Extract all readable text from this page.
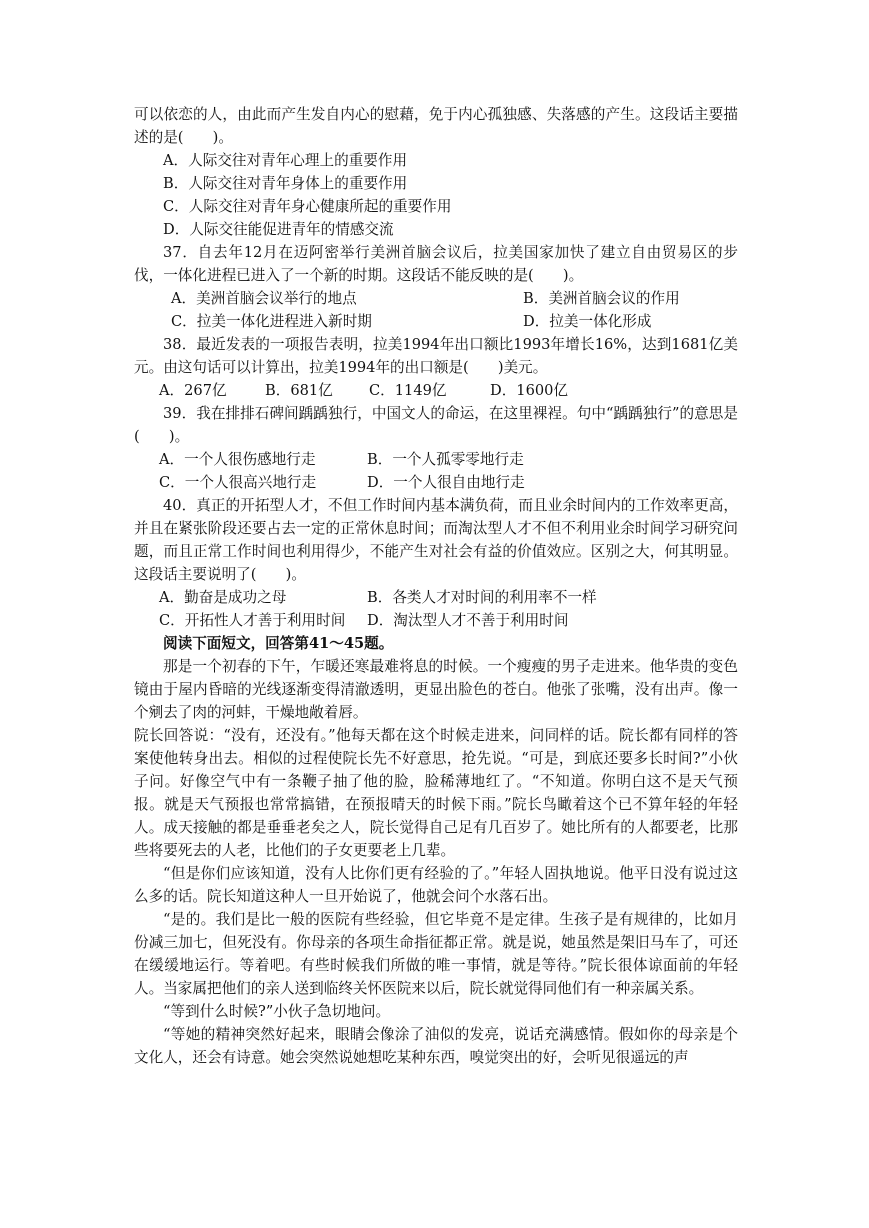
可以依恋的人，由此而产生发自内心的慰藉，免于内心孤独感、失落感的产生。这段话主要描述的是(　　)。

A．人际交往对青年心理上的重要作用

B．人际交往对青年身体上的重要作用

C．人际交往对青年身心健康所起的重要作用

D．人际交往能促进青年的情感交流

37．自去年12月在迈阿密举行美洲首脑会议后，拉美国家加快了建立自由贸易区的步伐，一体化进程已进入了一个新的时期。这段话不能反映的是(　　)。

A．美洲首脑会议举行的地点	B．美洲首脑会议的作用

C．拉美一体化进程进入新时期	D．拉美一体化形成

38．最近发表的一项报告表明，拉美1994年出口额比1993年增长16%，达到1681亿美元。由这句话可以计算出，拉美1994年的出口额是(　　)美元。

A．267亿	B．681亿 C．1149亿	D．1600亿

39．我在排排石碑间踽踽独行，中国文人的命运，在这里裸裎。句中“踽踽独行”的意思是(　　)。

A．一个人很伤感地行走	B．一个人孤零零地行走

C．一个人很高兴地行走	D．一个人很自由地行走

40．真正的开拓型人才，不但工作时间内基本满负荷，而且业余时间内的工作效率更高，并且在紧张阶段还要占去一定的正常休息时间；而淘汰型人才不但不利用业余时间学习研究问题，而且正常工作时间也利用得少，不能产生对社会有益的价值效应。区别之大，何其明显。这段话主要说明了(　　)。

A．勤奋是成功之母	B．各类人才对时间的利用率不一样

C．开拓性人才善于利用时间 D．淘汰型人才不善于利用时间

阅读下面短文，回答第41～45题。

那是一个初春的下午，乍暖还寒最难将息的时候。一个瘦瘦的男子走进来。他华贵的变色镜由于屋内昏暗的光线逐渐变得清澈透明，更显出脸色的苍白。他张了张嘴，没有出声。像一个剜去了肉的河蚌，干燥地敞着唇。

院长回答说：“没有，还没有。”他每天都在这个时候走进来，问同样的话。院长都有同样的答案使他转身出去。相似的过程使院长先不好意思，抢先说。“可是，到底还要多长时间?”小伙子问。好像空气中有一条鞭子抽了他的脸，脸稀薄地红了。“不知道。你明白这不是天气预报。就是天气预报也常常搞错，在预报晴天的时候下雨。”院长鸟瞰着这个已不算年轻的年轻人。成天接触的都是垂垂老矣之人，院长觉得自己足有几百岁了。她比所有的人都要老，比那些将要死去的人老，比他们的子女更要老上几辈。

“但是你们应该知道，没有人比你们更有经验的了。”年轻人固执地说。他平日没有说过这么多的话。院长知道这种人一旦开始说了，他就会问个水落石出。

“是的。我们是比一般的医院有些经验，但它毕竟不是定律。生孩子是有规律的，比如月份减三加七，但死没有。你母亲的各项生命指征都正常。就是说，她虽然是架旧马车了，可还在缓缓地运行。等着吧。有些时候我们所做的唯一事情，就是等待。”院长很体谅面前的年轻人。当家属把他们的亲人送到临终关怀医院来以后，院长就觉得同他们有一种亲属关系。

“等到什么时候?”小伙子急切地问。

“等她的精神突然好起来，眼睛会像涂了油似的发亮，说话充满感情。假如你的母亲是个文化人，还会有诗意。她会突然说她想吃某种东西，嗅觉突出的好，会听见很遥远的声
